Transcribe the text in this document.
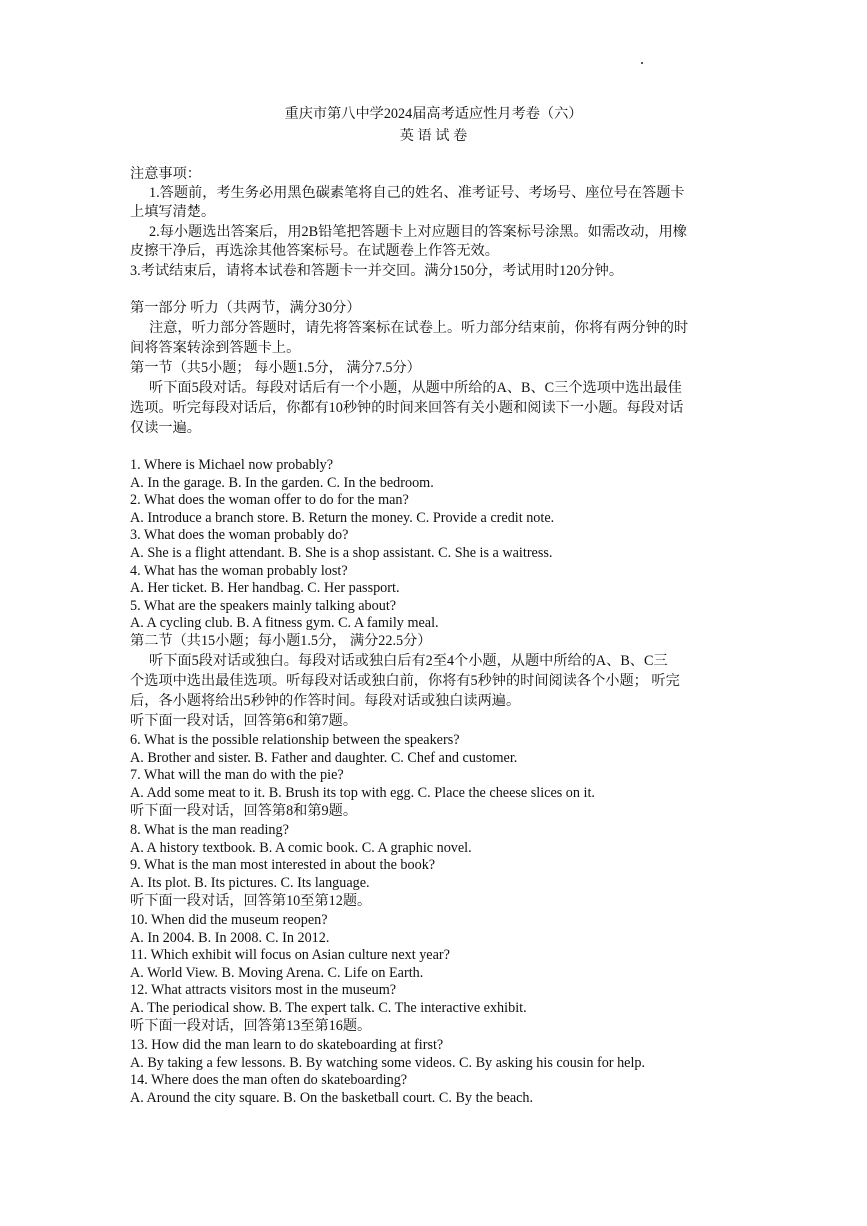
重庆市第八中学2024届高考适应性月考卷（六）
英 语 试 卷
注意事项：
1.答题前，考生务必用黑色碳素笔将自己的姓名、准考证号、考场号、座位号在答题卡
上填写清楚。
2.每小题选出答案后，用2B铅笔把答题卡上对应题目的答案标号涂黑。如需改动，用橡
皮擦干净后，再选涂其他答案标号。在试题卷上作答无效。
3.考试结束后，请将本试卷和答题卡一并交回。满分150分，考试用时120分钟。
第一部分 听力（共两节，满分30分）
注意，听力部分答题时，请先将答案标在试卷上。听力部分结束前，你将有两分钟的时
间将答案转涂到答题卡上。
第一节（共5小题； 每小题1.5分， 满分7.5分）
听下面5段对话。每段对话后有一个小题，从题中所给的A、B、C三个选项中选出最佳
选项。听完每段对话后，你都有10秒钟的时间来回答有关小题和阅读下一小题。每段对话
仅读一遍。
1. Where is Michael now probably?
A. In the garage. B. In the garden. C. In the bedroom.
2. What does the woman offer to do for the man?
A. Introduce a branch store. B. Return the money. C. Provide a credit note.
3. What does the woman probably do?
A. She is a flight attendant. B. She is a shop assistant. C. She is a waitress.
4. What has the woman probably lost?
A. Her ticket. B. Her handbag. C. Her passport.
5. What are the speakers mainly talking about?
A. A cycling club. B. A fitness gym. C. A family meal.
第二节（共15小题；每小题1.5分， 满分22.5分）
听下面5段对话或独白。每段对话或独白后有2至4个小题，从题中所给的A、B、C三
个选项中选出最佳选项。听每段对话或独白前，你将有5秒钟的时间阅读各个小题； 听完
后，各小题将给出5秒钟的作答时间。每段对话或独白读两遍。
听下面一段对话，回答第6和第7题。
6. What is the possible relationship between the speakers?
A. Brother and sister. B. Father and daughter. C. Chef and customer.
7. What will the man do with the pie?
A. Add some meat to it. B. Brush its top with egg. C. Place the cheese slices on it.
听下面一段对话，回答第8和第9题。
8. What is the man reading?
A. A history textbook. B. A comic book. C. A graphic novel.
9. What is the man most interested in about the book?
A. Its plot. B. Its pictures. C. Its language.
听下面一段对话，回答第10至第12题。
10. When did the museum reopen?
A. In 2004. B. In 2008. C. In 2012.
11. Which exhibit will focus on Asian culture next year?
A. World View. B. Moving Arena. C. Life on Earth.
12. What attracts visitors most in the museum?
A. The periodical show. B. The expert talk. C. The interactive exhibit.
听下面一段对话，回答第13至第16题。
13. How did the man learn to do skateboarding at first?
A. By taking a few lessons. B. By watching some videos. C. By asking his cousin for help.
14. Where does the man often do skateboarding?
A. Around the city square. B. On the basketball court. C. By the beach.
